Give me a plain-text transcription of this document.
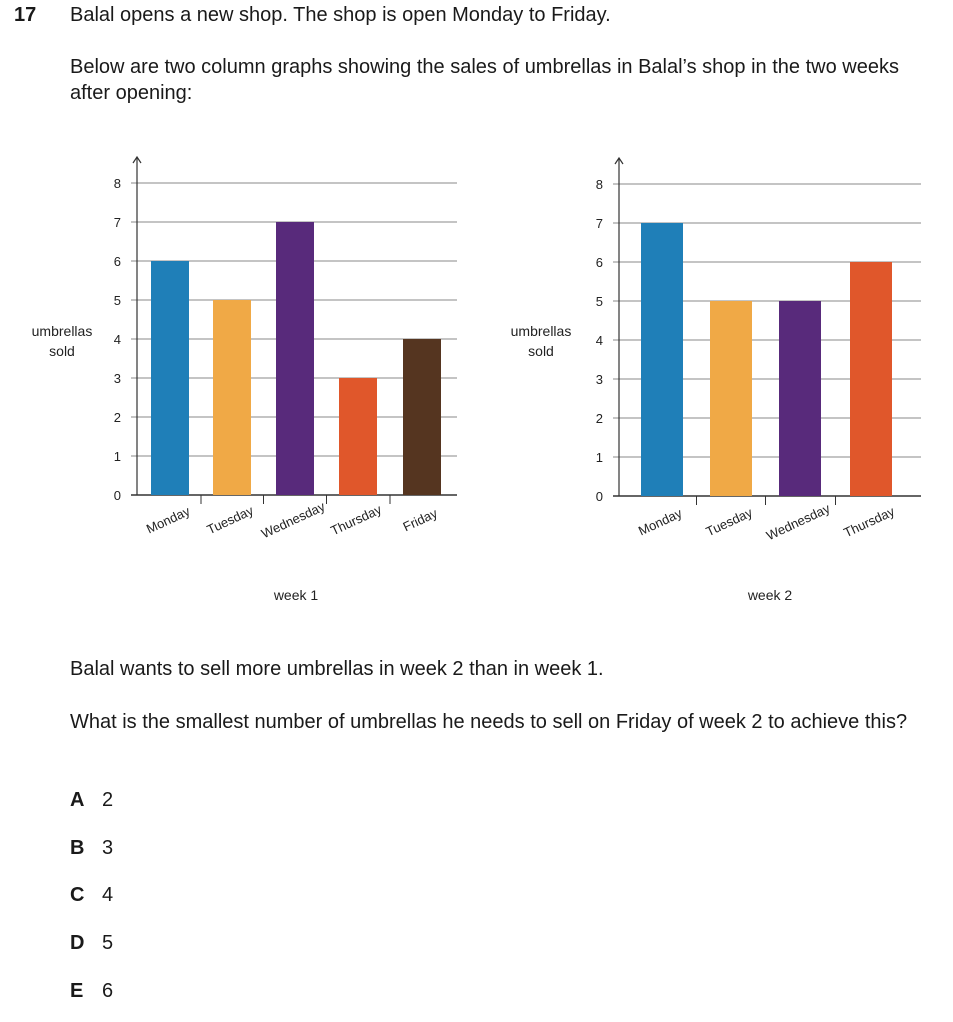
17 Balal opens a new shop. The shop is open Monday to Friday.
Below are two column graphs showing the sales of umbrellas in Balal’s shop in the two weeks after opening:
0
1
2
3
4
5
6
7
8
umbrellas
sold
Monday Tuesday Wednesday Thursday Friday
week 1
0
1
2
3
4
5
6
7
8
umbrellas
sold
Monday Tuesday Wednesday Thursday
week 2
Balal wants to sell more umbrellas in week 2 than in week 1.
What is the smallest number of umbrellas he needs to sell on Friday of week 2 to achieve this?
A 2
B 3
C 4
D 5
E 6
